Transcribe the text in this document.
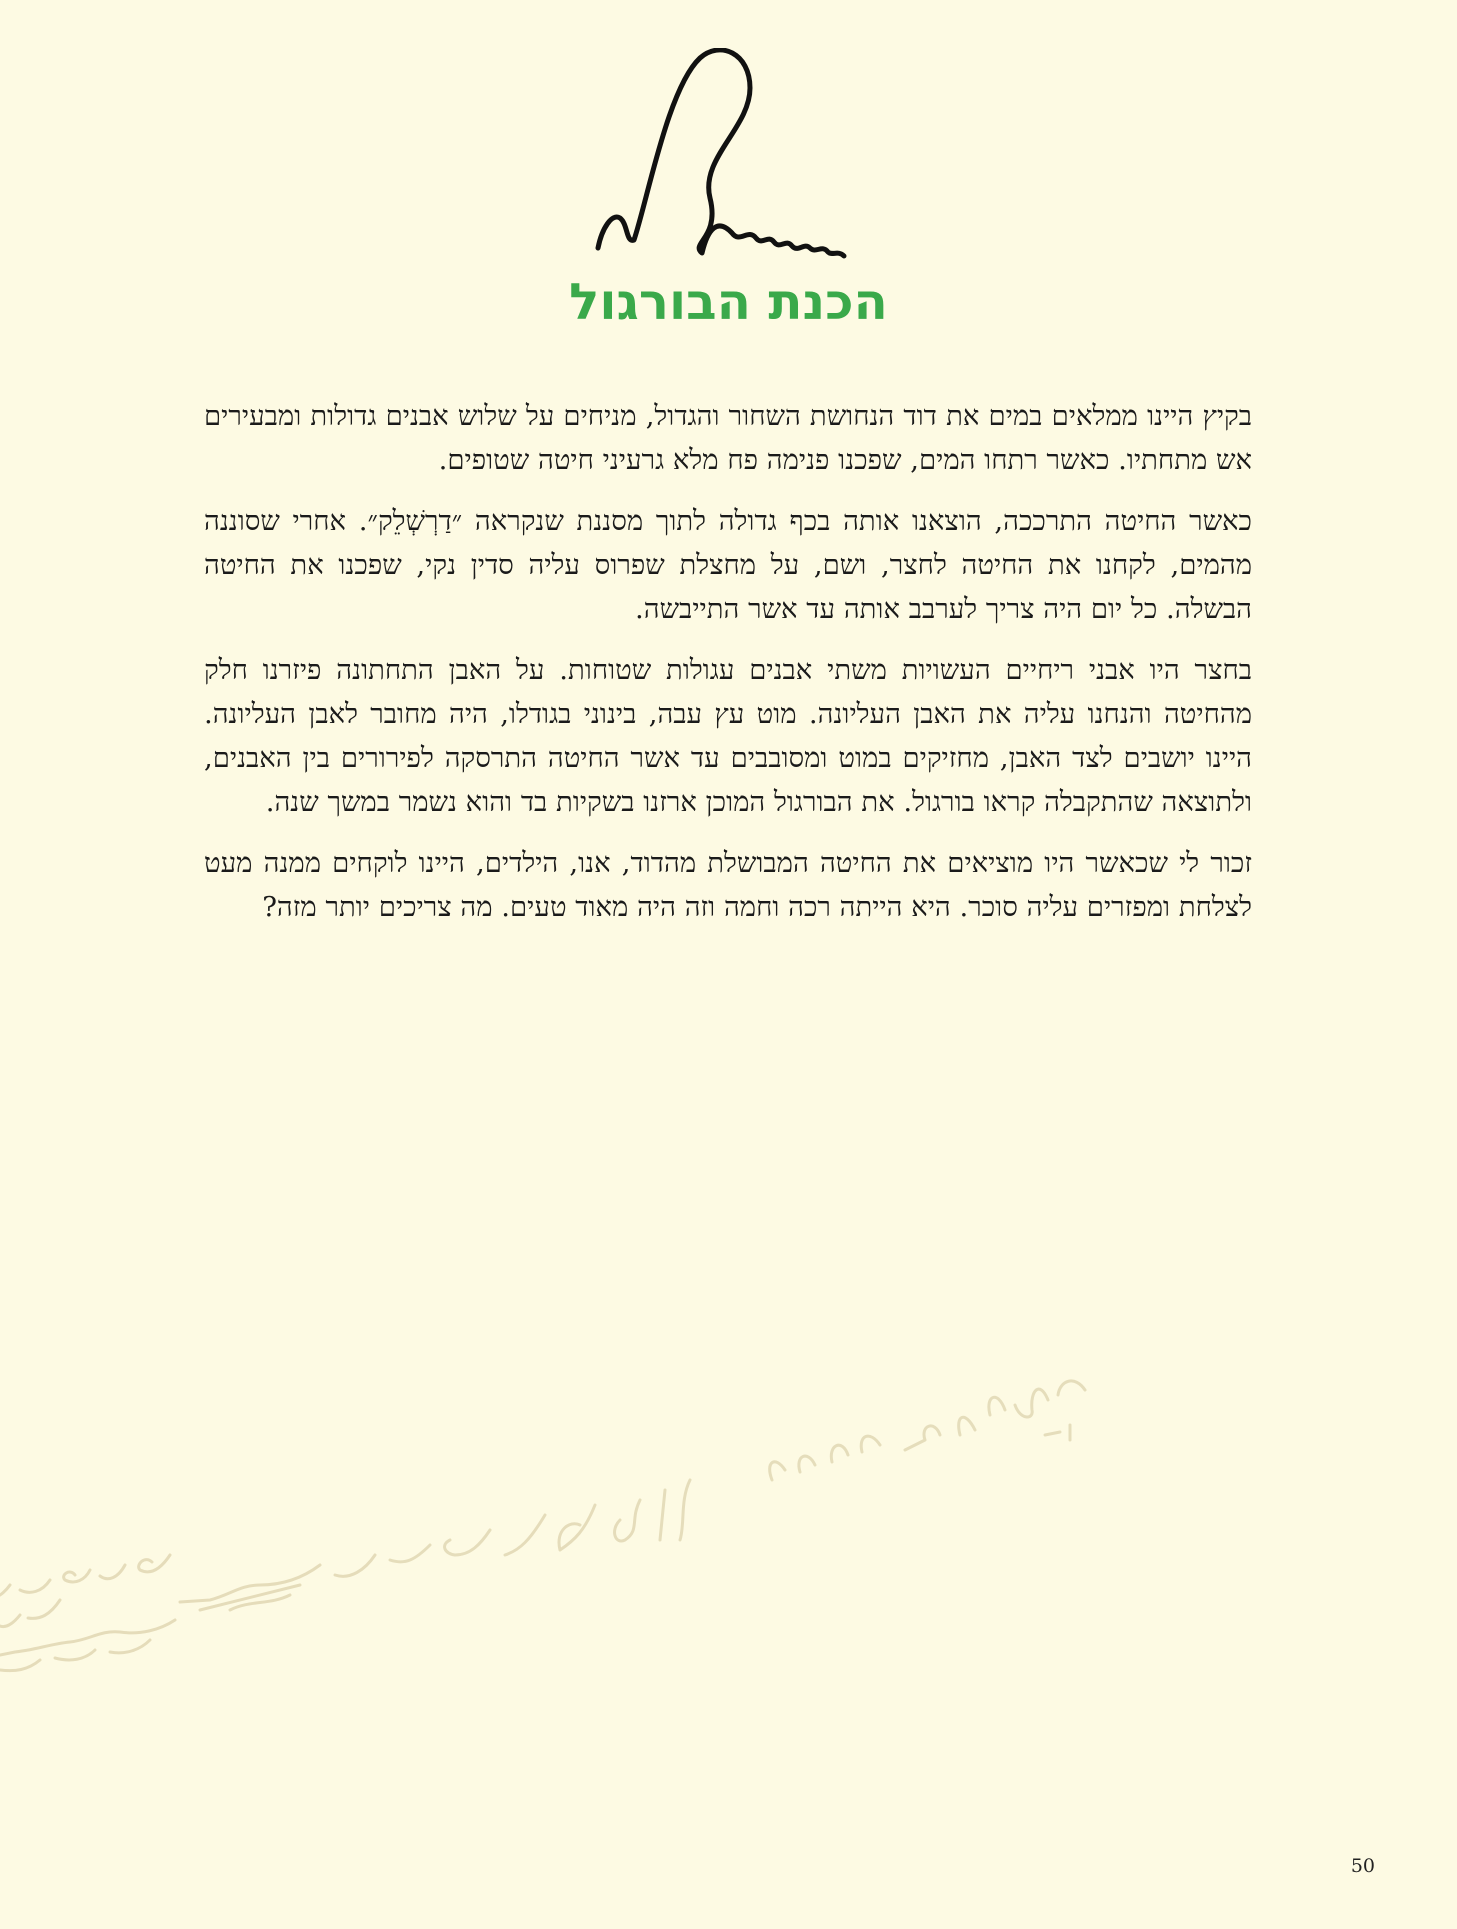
הכנת הבורגול

בקיץ היינו ממלאים במים את דוד הנחושת השחור והגדול, מניחים על שלוש אבנים גדולות ומבעירים אש מתחתיו. כאשר רתחו המים, שפכנו פנימה פח מלא גרעיני חיטה שטופים.

כאשר החיטה התרככה, הוצאנו אותה בכף גדולה לתוך מסננת שנקראה ״דַרְשְׁלֵק״. אחרי שסוננה מהמים, לקחנו את החיטה לחצר, ושם, על מחצלת שפרוס עליה סדין נקי, שפכנו את החיטה הבשלה. כל יום היה צריך לערבב אותה עד אשר התייבשה.

בחצר היו אבני ריחיים העשויות משתי אבנים עגולות שטוחות. על האבן התחתונה פיזרנו חלק מהחיטה והנחנו עליה את האבן העליונה. מוט עץ עבה, בינוני בגודלו, היה מחובר לאבן העליונה. היינו יושבים לצד האבן, מחזיקים במוט ומסובבים עד אשר החיטה התרסקה לפירורים בין האבנים, ולתוצאה שהתקבלה קראו בורגול. את הבורגול המוכן ארזנו בשקיות בד והוא נשמר במשך שנה.

זכור לי שכאשר היו מוציאים את החיטה המבושלת מהדוד, אנו, הילדים, היינו לוקחים ממנה מעט לצלחת ומפזרים עליה סוכר. היא הייתה רכה וחמה וזה היה מאוד טעים. מה צריכים יותר מזה?

50
